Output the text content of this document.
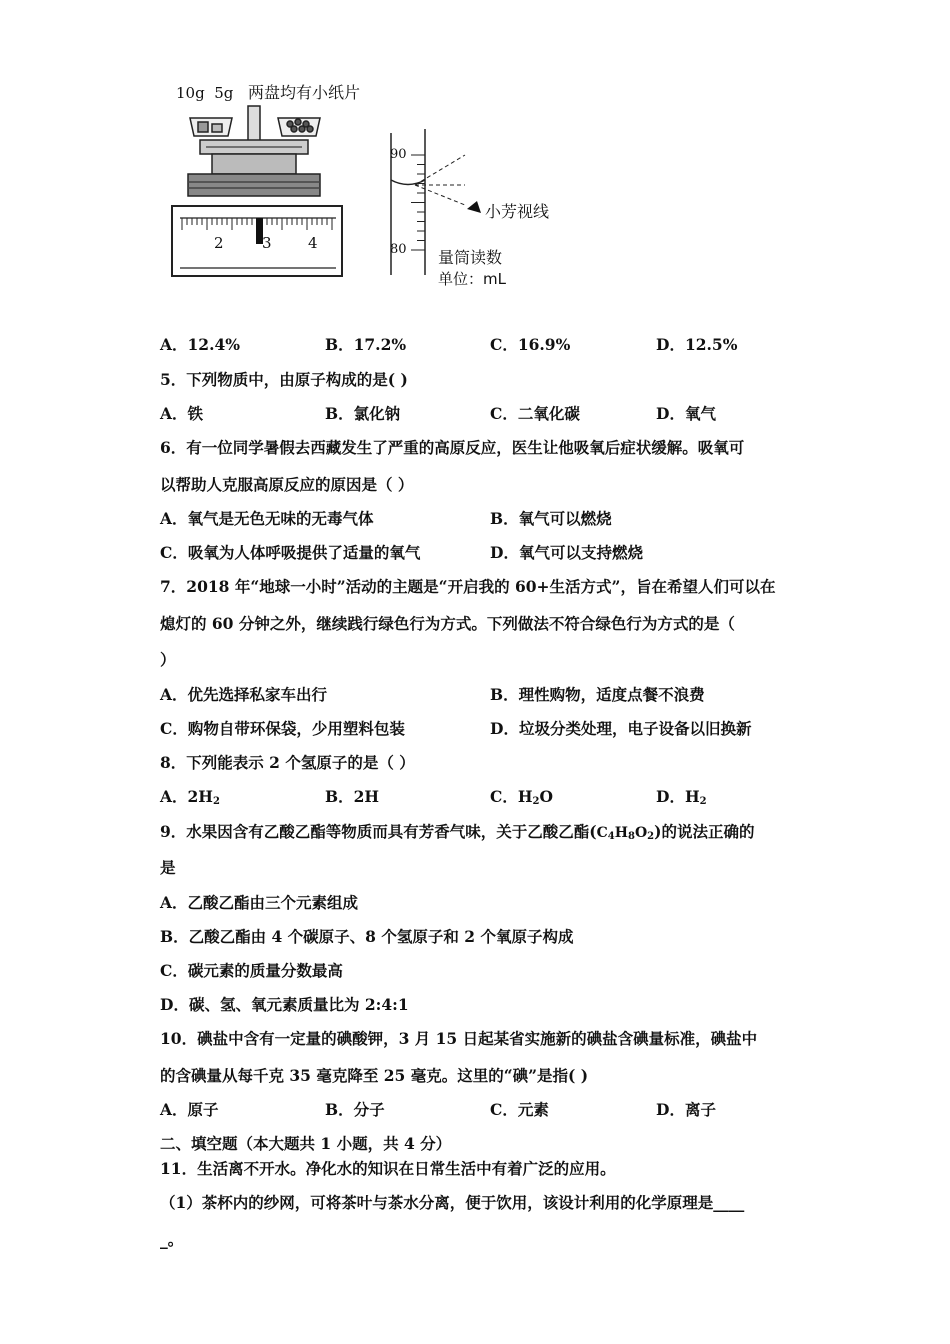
10g  5g 两盘均有小纸片
2	3 4
90
80
小芳视线
量筒读数
单位：mL
A．12.4%	B．17.2%	C．16.9%	D．12.5%
5．下列物质中，由原子构成的是( )
A．铁	B．氯化钠	C．二氧化碳	D．氧气
6．有一位同学暑假去西藏发生了严重的高原反应，医生让他吸氧后症状缓解。吸氧可
以帮助人克服高原反应的原因是（ ）
A．氧气是无色无味的无毒气体	B．氧气可以燃烧
C．吸氧为人体呼吸提供了适量的氧气	D．氧气可以支持燃烧
7．2018 年“地球一小时”活动的主题是“开启我的 60+生活方式”，旨在希望人们可以在
熄灯的 60 分钟之外，继续践行绿色行为方式。下列做法不符合绿色行为方式的是（
）
A．优先选择私家车出行	B．理性购物，适度点餐不浪费
C．购物自带环保袋，少用塑料包装	D．垃圾分类处理，电子设备以旧换新
8．下列能表示 2 个氢原子的是（ ）
A．$2H_2$	B．2H	C．$H_2O$	D．$H_2$
9．水果因含有乙酸乙酯等物质而具有芳香气味，关于乙酸乙酯$(C_4H_8O_2)$的说法正确的
是
A．乙酸乙酯由三个元素组成
B．乙酸乙酯由 4 个碳原子、8 个氢原子和 2 个氧原子构成
C．碳元素的质量分数最高
D．碳、氢、氧元素质量比为 2:4:1
10．碘盐中含有一定量的碘酸钾，3 月 15 日起某省实施新的碘盐含碘量标准，碘盐中
的含碘量从每千克 35 毫克降至 25 毫克。这里的“碘”是指( )
A．原子	B．分子	C．元素	D．离子
二、填空题（本大题共 1 小题，共 4 分）
11．生活离不开水。净化水的知识在日常生活中有着广泛的应用。
（1）茶杯内的纱网，可将茶叶与茶水分离，便于饮用，该设计利用的化学原理是____
_。
